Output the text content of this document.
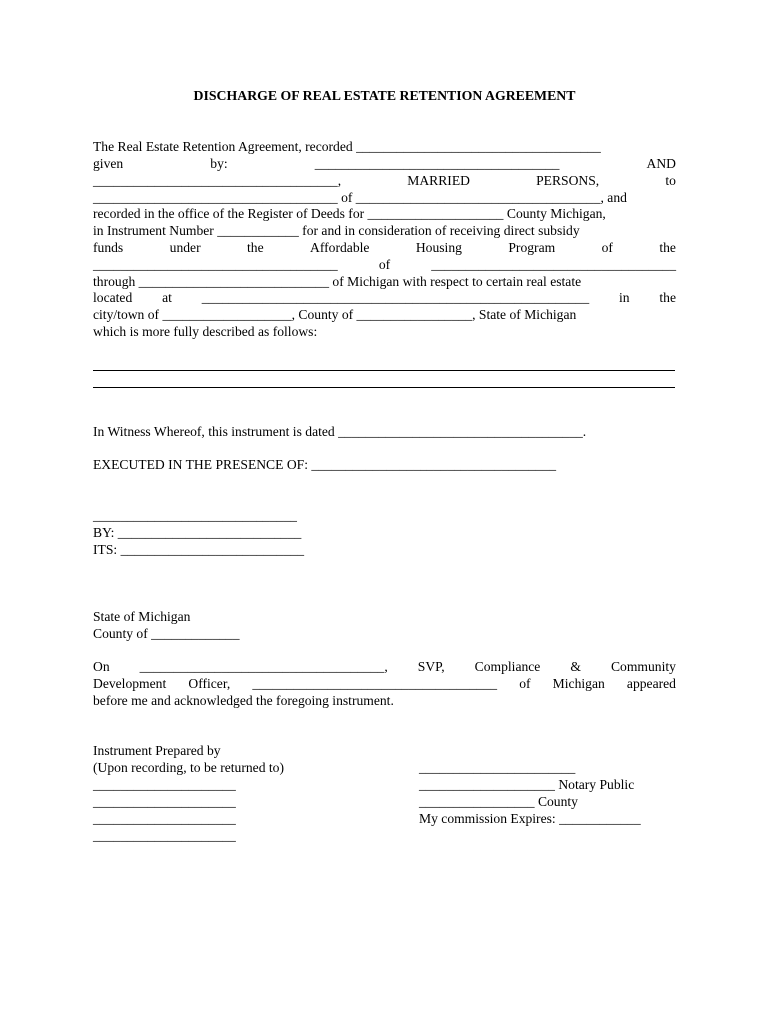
DISCHARGE OF REAL ESTATE RETENTION AGREEMENT
The Real Estate Retention Agreement, recorded ____________________________________
given	by:	____________________________________	AND
____________________________________,	MARRIED	PERSONS,	to
____________________________________ of ____________________________________, and
recorded in the office of the Register of Deeds for ____________________ County Michigan,
in Instrument Number ____________ for and in consideration of receiving direct subsidy
funds	under	the	Affordable	Housing	Program	of	the
____________________________________	of	____________________________________
through ____________________________ of Michigan with respect to certain real estate
located at _________________________________________________________ in the
city/town of ___________________, County of _________________, State of Michigan
which is more fully described as follows:
In Witness Whereof, this instrument is dated ____________________________________.
EXECUTED IN THE PRESENCE OF: ____________________________________
______________________________
BY: ___________________________
ITS: ___________________________
State of Michigan
County of _____________
On ____________________________________, SVP, Compliance & Community
Development Officer, ____________________________________ of Michigan appeared
before me and acknowledged the foregoing instrument.
Instrument Prepared by
(Upon recording, to be returned to)
_____________________
_____________________
_____________________
_____________________
_______________________
____________________ Notary Public
_________________ County
My commission Expires: ____________
